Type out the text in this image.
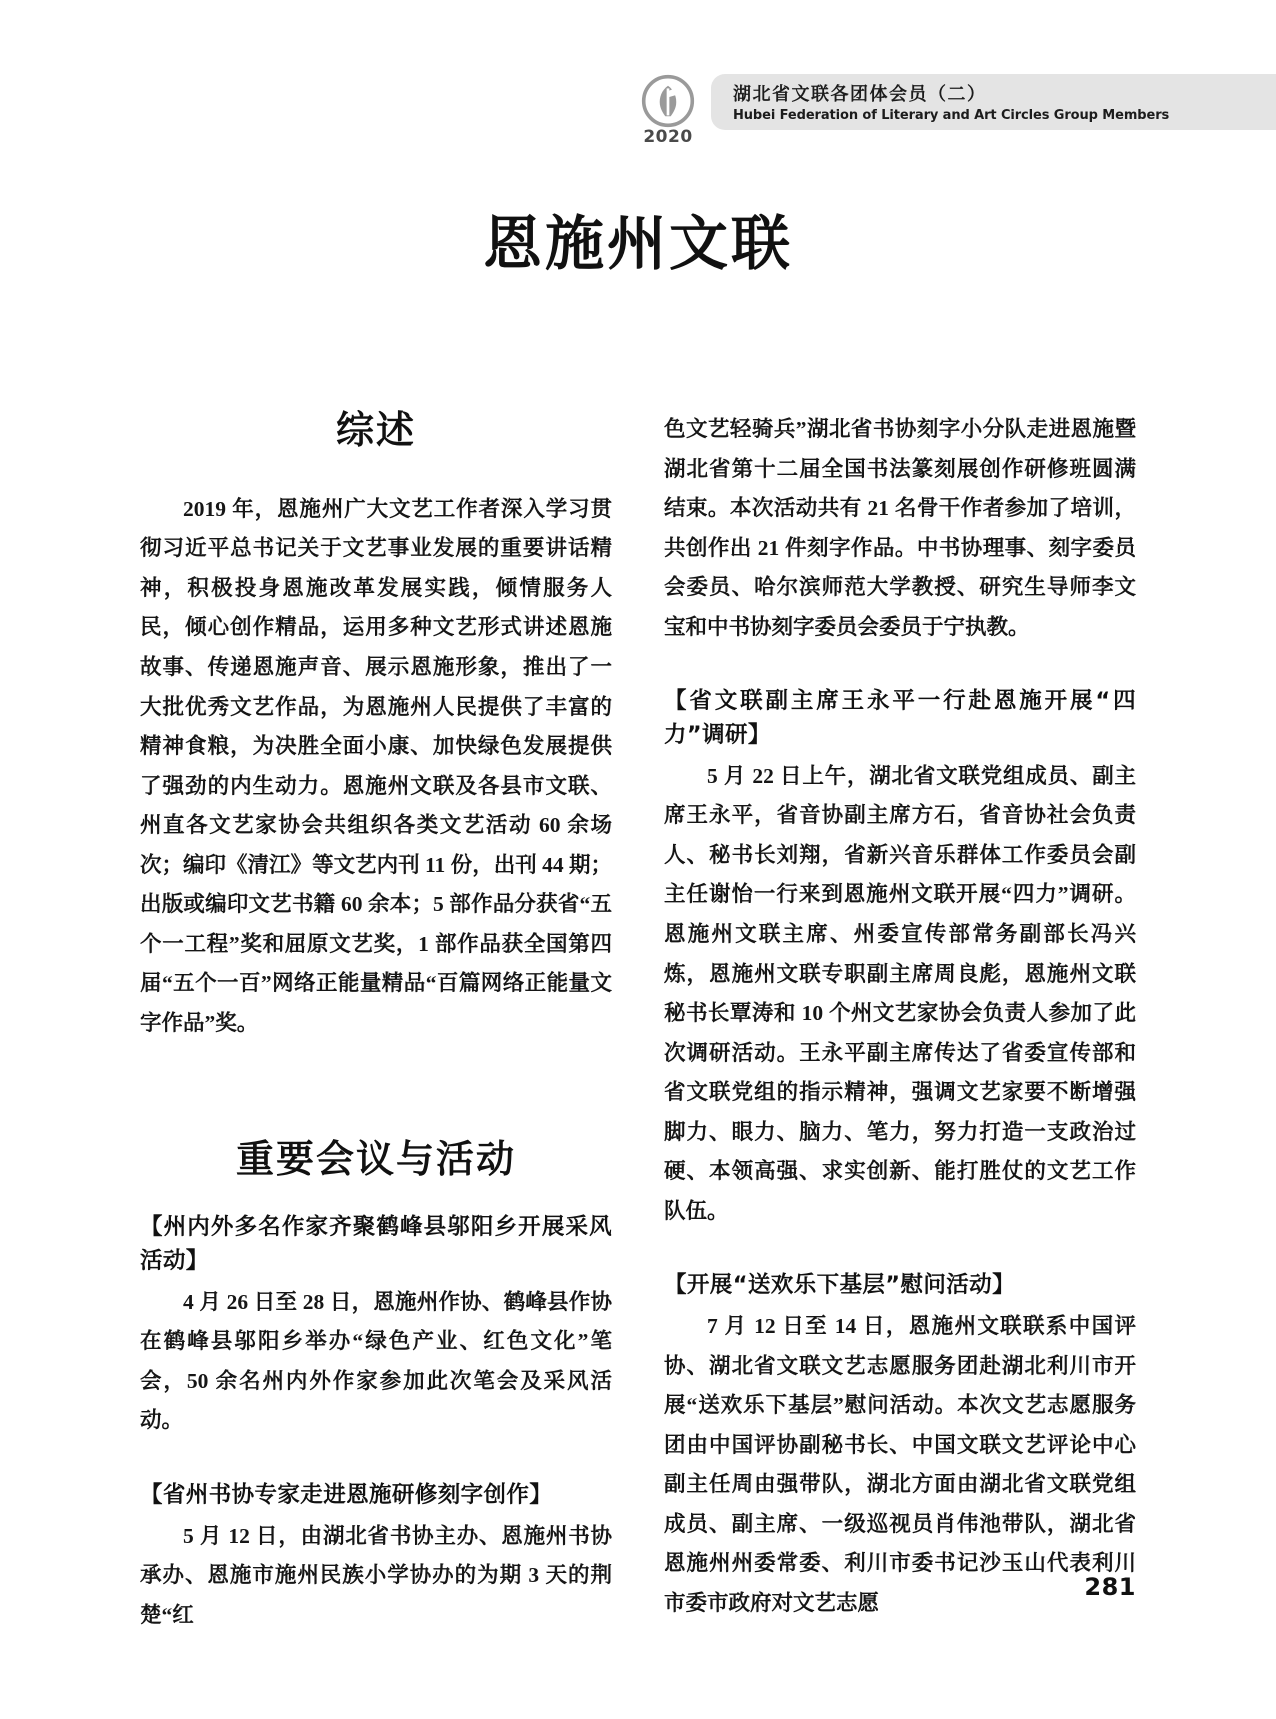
2020
湖北省文联各团体会员（二）
Hubei Federation of Literary and Art Circles Group Members
恩施州文联
综述

2019 年，恩施州广大文艺工作者深入学习贯彻习近平总书记关于文艺事业发展的重要讲话精神，积极投身恩施改革发展实践，倾情服务人民，倾心创作精品，运用多种文艺形式讲述恩施故事、传递恩施声音、展示恩施形象，推出了一大批优秀文艺作品，为恩施州人民提供了丰富的精神食粮，为决胜全面小康、加快绿色发展提供了强劲的内生动力。恩施州文联及各县市文联、州直各文艺家协会共组织各类文艺活动 60 余场次；编印《清江》等文艺内刊 11 份，出刊 44 期；出版或编印文艺书籍 60 余本；5 部作品分获省“五个一工程”奖和屈原文艺奖，1 部作品获全国第四届“五个一百”网络正能量精品“百篇网络正能量文字作品”奖。

重要会议与活动
【州内外多名作家齐聚鹤峰县邬阳乡开展采风活动】

4 月 26 日至 28 日，恩施州作协、鹤峰县作协在鹤峰县邬阳乡举办“绿色产业、红色文化”笔会，50 余名州内外作家参加此次笔会及采风活动。

【省州书协专家走进恩施研修刻字创作】

5 月 12 日，由湖北省书协主办、恩施州书协承办、恩施市施州民族小学协办的为期 3 天的荆楚“红

色文艺轻骑兵”湖北省书协刻字小分队走进恩施暨湖北省第十二届全国书法篆刻展创作研修班圆满结束。本次活动共有 21 名骨干作者参加了培训，共创作出 21 件刻字作品。中书协理事、刻字委员会委员、哈尔滨师范大学教授、研究生导师李文宝和中书协刻字委员会委员于宁执教。

【省文联副主席王永平一行赴恩施开展“四力”调研】

5 月 22 日上午，湖北省文联党组成员、副主席王永平，省音协副主席方石，省音协社会负责人、秘书长刘翔，省新兴音乐群体工作委员会副主任谢怡一行来到恩施州文联开展“四力”调研。恩施州文联主席、州委宣传部常务副部长冯兴炼，恩施州文联专职副主席周良彪，恩施州文联秘书长覃涛和 10 个州文艺家协会负责人参加了此次调研活动。王永平副主席传达了省委宣传部和省文联党组的指示精神，强调文艺家要不断增强脚力、眼力、脑力、笔力，努力打造一支政治过硬、本领高强、求实创新、能打胜仗的文艺工作队伍。

【开展“送欢乐下基层”慰问活动】

7 月 12 日至 14 日，恩施州文联联系中国评协、湖北省文联文艺志愿服务团赴湖北利川市开展“送欢乐下基层”慰问活动。本次文艺志愿服务团由中国评协副秘书长、中国文联文艺评论中心副主任周由强带队，湖北方面由湖北省文联党组成员、副主席、一级巡视员肖伟池带队，湖北省恩施州州委常委、利川市委书记沙玉山代表利川市委市政府对文艺志愿

281
